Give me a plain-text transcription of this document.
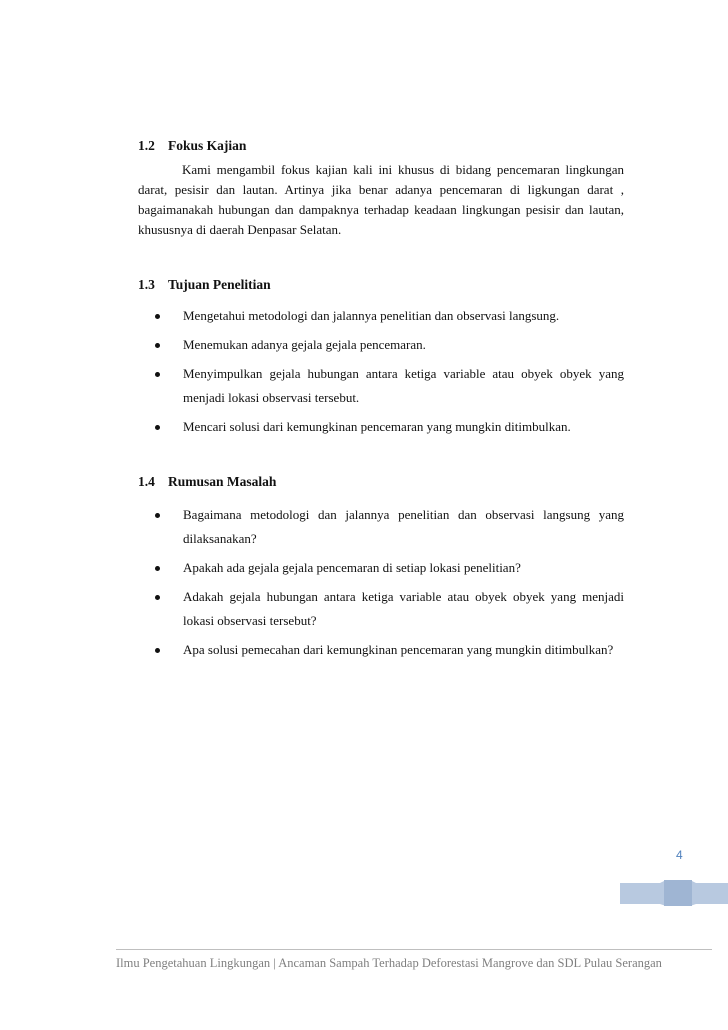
1.2 Fokus Kajian
Kami mengambil fokus kajian kali ini khusus di bidang pencemaran lingkungan darat, pesisir dan lautan. Artinya jika benar adanya pencemaran di ligkungan darat , bagaimanakah hubungan dan dampaknya terhadap keadaan lingkungan pesisir dan lautan, khususnya di daerah Denpasar Selatan.
1.3 Tujuan Penelitian
Mengetahui metodologi dan jalannya penelitian dan observasi langsung.
Menemukan adanya gejala gejala pencemaran.
Menyimpulkan gejala hubungan antara ketiga variable atau obyek obyek yang menjadi lokasi observasi tersebut.
Mencari solusi dari kemungkinan pencemaran yang mungkin ditimbulkan.
1.4 Rumusan Masalah
Bagaimana metodologi dan jalannya penelitian dan observasi langsung yang dilaksanakan?
Apakah ada gejala gejala pencemaran di setiap lokasi penelitian?
Adakah gejala hubungan antara ketiga variable atau obyek obyek yang menjadi lokasi observasi tersebut?
Apa solusi pemecahan dari kemungkinan pencemaran yang mungkin ditimbulkan?
4
Ilmu Pengetahuan Lingkungan | Ancaman Sampah Terhadap Deforestasi Mangrove dan SDL Pulau Serangan
